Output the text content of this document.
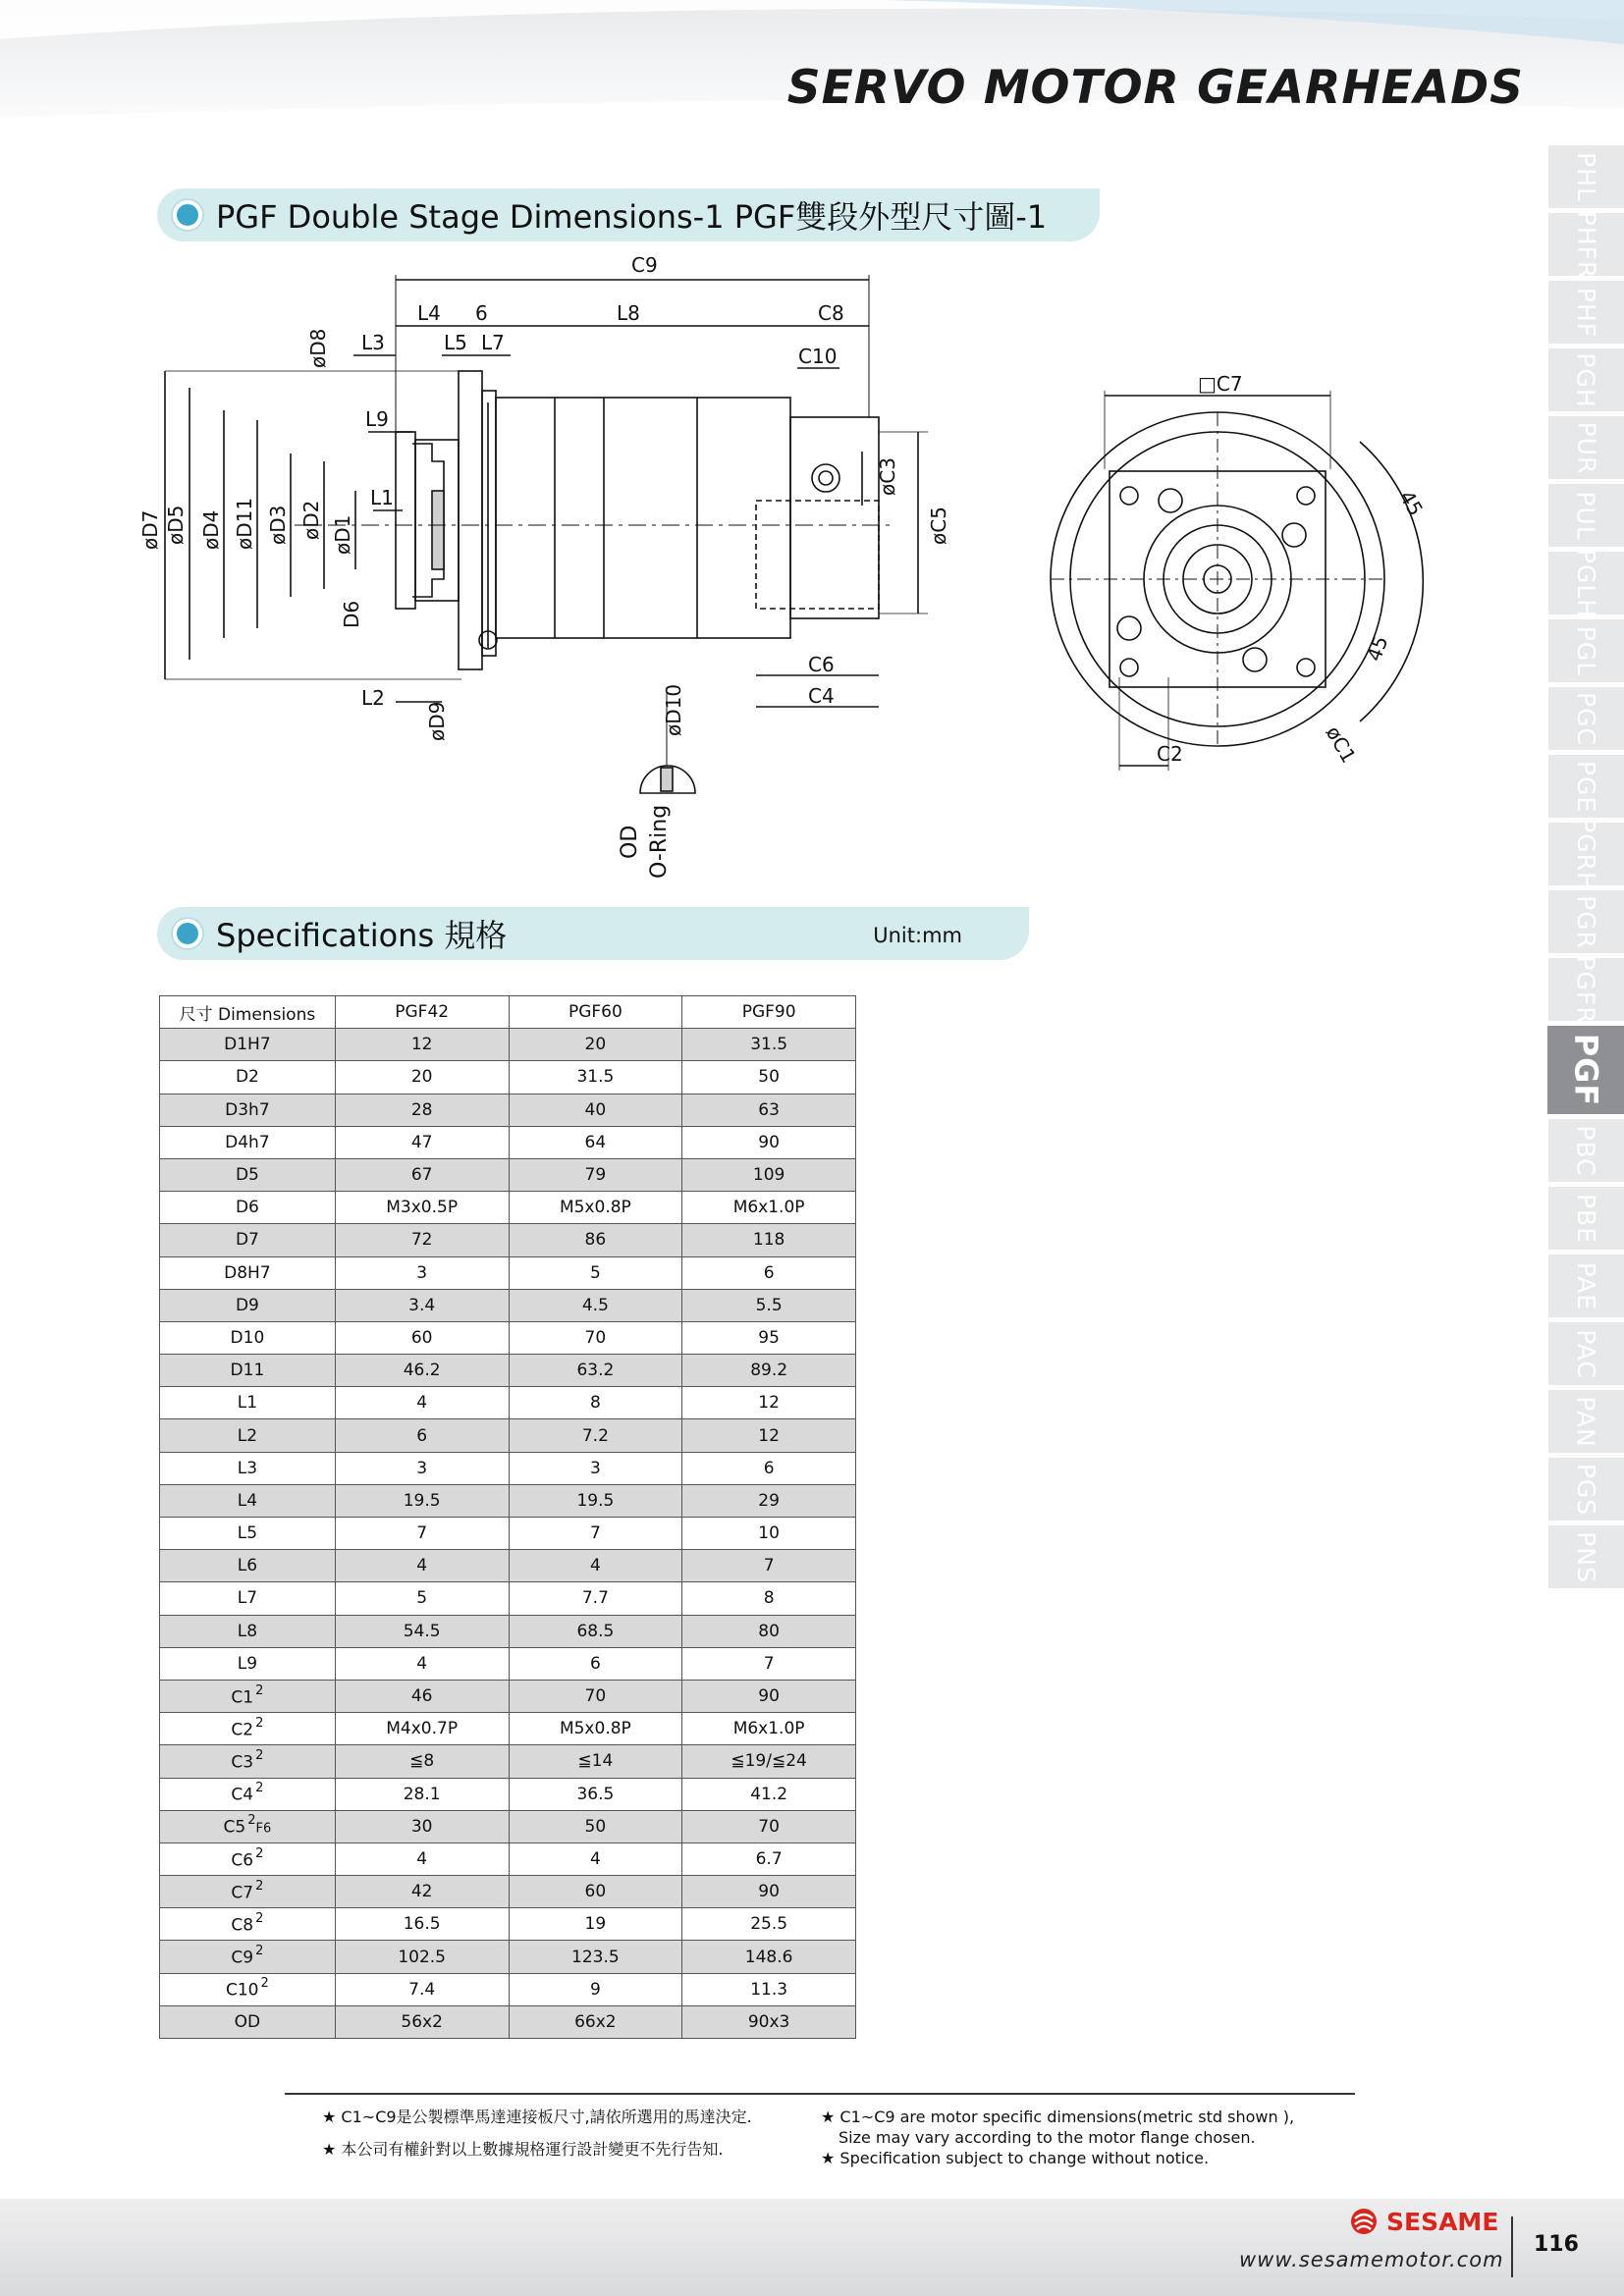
SERVO MOTOR GEARHEADS
PGF Double Stage Dimensions-1 PGF雙段外型尺寸圖-1
C9
L4 6	L8	C8
L3	L5 L7
C10
L9
L1
L2
C6
C4
øD8
øD7 øD5 øD4 øD11 øD3 øD2 øD1
D6
øD9	øD10
øC3
øC5
OD O-Ring
□C7
45
45
øC1
C2
Specifications 規格	Unit:mm
尺寸 Dimensions	PGF42	PGF60	PGF90
D1H7	12	20	31.5
D2	20	31.5	50
D3h7	28	40	63
D4h7	47	64	90
D5	67	79	109
D6	M3x0.5P	M5x0.8P	M6x1.0P
D7	72	86	118
D8H7	3	5	6
D9	3.4	4.5	5.5
D10	60	70	95
D11	46.2	63.2	89.2
L1	4	8	12
L2	6	7.2	12
L3	3	3	6
L4	19.5	19.5	29
L5	7	7	10
L6	4	4	7
L7	5	7.7	8
L8	54.5	68.5	80
L9	4	6	7
C1 $^2$	46	70	90
C2 $^2$	M4x0.7P	M5x0.8P	M6x1.0P
C3 $^2$	≦8	≦14	≦19/≦24
C4 $^2$	28.1	36.5	41.2
C5 $^2$F6	30	50	70
C6 $^2$	4	4	6.7
C7 $^2$	42	60	90
C8 $^2$	16.5	19	25.5
C9 $^2$	102.5	123.5	148.6
C10 $^2$	7.4	9	11.3
OD	56x2	66x2	90x3
PHL
PHFR
PHF
PGH
PUR
PUL
PGLH
PGL
PGC
PGE
PGRH
PGR
PGFR
PGF
PBC
PBE
PAE
PAC
PAN
PGS
PNS
★ C1~C9是公製標準馬達連接板尺寸,請依所選用的馬達決定.
★ 本公司有權針對以上數據規格運行設計變更不先行告知.
★ C1~C9 are motor specific dimensions(metric std shown ),
Size may vary according to the motor flange chosen.
★ Specification subject to change without notice.
SESAME
www.sesamemotor.com
116
